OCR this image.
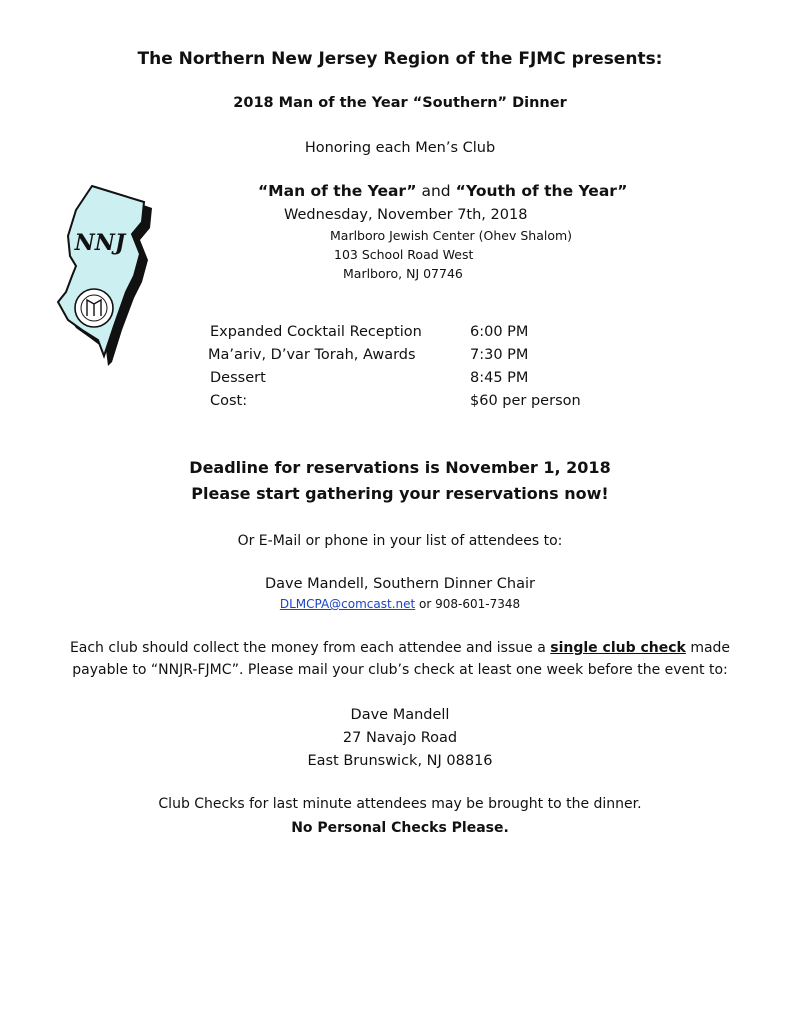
The Northern New Jersey Region of the FJMC presents:
2018 Man of the Year “Southern” Dinner
Honoring each Men’s Club
NNJ
“Man of the Year” and “Youth of the Year”
Wednesday, November 7th, 2018
Marlboro Jewish Center (Ohev Shalom)
103 School Road West
Marlboro, NJ 07746
Expanded Cocktail Reception	6:00 PM
Ma’ariv, D’var Torah, Awards	7:30 PM
Dessert	8:45 PM
Cost:	$60 per person
Deadline for reservations is November 1, 2018
Please start gathering your reservations now!
Or E-Mail or phone in your list of attendees to:
Dave Mandell, Southern Dinner Chair
DLMCPA@comcast.net or 908-601-7348
Each club should collect the money from each attendee and issue a single club check made
payable to “NNJR-FJMC”. Please mail your club’s check at least one week before the event to:
Dave Mandell
27 Navajo Road
East Brunswick, NJ 08816
Club Checks for last minute attendees may be brought to the dinner.
No Personal Checks Please.
